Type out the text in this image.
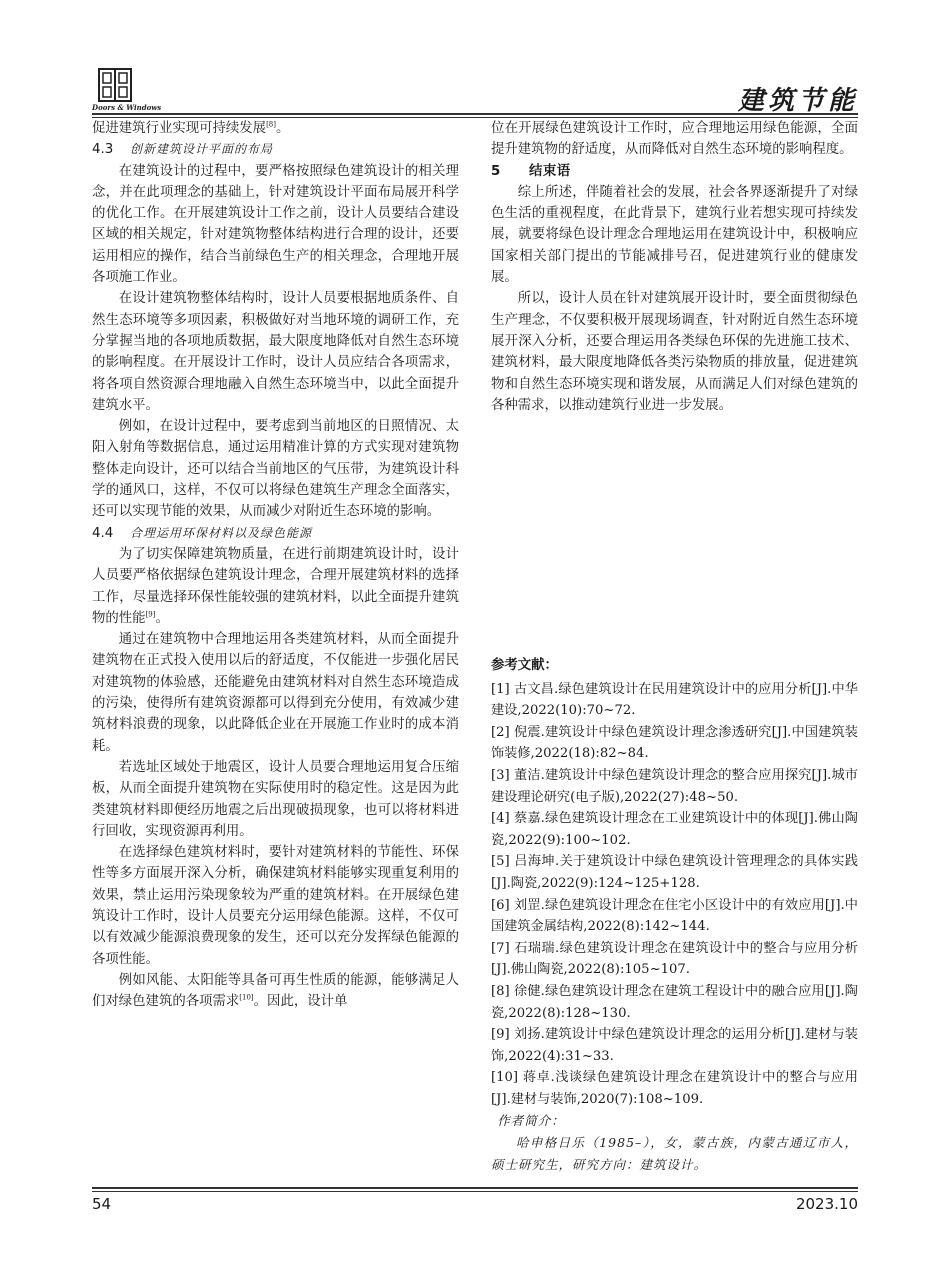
Doors & Windows	建筑节能

促进建筑行业实现可持续发展[8]。

4.3 创新建筑设计平面的布局

在建筑设计的过程中，要严格按照绿色建筑设计的相关理念，并在此项理念的基础上，针对建筑设计平面布局展开科学的优化工作。在开展建筑设计工作之前，设计人员要结合建设区域的相关规定，针对建筑物整体结构进行合理的设计，还要运用相应的操作，结合当前绿色生产的相关理念，合理地开展各项施工作业。

在设计建筑物整体结构时，设计人员要根据地质条件、自然生态环境等多项因素，积极做好对当地环境的调研工作，充分掌握当地的各项地质数据，最大限度地降低对自然生态环境的影响程度。在开展设计工作时，设计人员应结合各项需求，将各项自然资源合理地融入自然生态环境当中，以此全面提升建筑水平。

例如，在设计过程中，要考虑到当前地区的日照情况、太阳入射角等数据信息，通过运用精准计算的方式实现对建筑物整体走向设计，还可以结合当前地区的气压带，为建筑设计科学的通风口，这样，不仅可以将绿色建筑生产理念全面落实，还可以实现节能的效果，从而减少对附近生态环境的影响。

4.4 合理运用环保材料以及绿色能源

为了切实保障建筑物质量，在进行前期建筑设计时，设计人员要严格依据绿色建筑设计理念，合理开展建筑材料的选择工作，尽量选择环保性能较强的建筑材料，以此全面提升建筑物的性能[9]。

通过在建筑物中合理地运用各类建筑材料，从而全面提升建筑物在正式投入使用以后的舒适度，不仅能进一步强化居民对建筑物的体验感，还能避免由建筑材料对自然生态环境造成的污染，使得所有建筑资源都可以得到充分使用，有效减少建筑材料浪费的现象，以此降低企业在开展施工作业时的成本消耗。

若选址区域处于地震区，设计人员要合理地运用复合压缩板，从而全面提升建筑物在实际使用时的稳定性。这是因为此类建筑材料即便经历地震之后出现破损现象，也可以将材料进行回收，实现资源再利用。

在选择绿色建筑材料时，要针对建筑材料的节能性、环保性等多方面展开深入分析，确保建筑材料能够实现重复利用的效果，禁止运用污染现象较为严重的建筑材料。在开展绿色建筑设计工作时，设计人员要充分运用绿色能源。这样，不仅可以有效减少能源浪费现象的发生，还可以充分发挥绿色能源的各项性能。

例如风能、太阳能等具备可再生性质的能源，能够满足人们对绿色建筑的各项需求[10]。因此，设计单

位在开展绿色建筑设计工作时，应合理地运用绿色能源，全面提升建筑物的舒适度，从而降低对自然生态环境的影响程度。

5 结束语

综上所述，伴随着社会的发展，社会各界逐渐提升了对绿色生活的重视程度，在此背景下，建筑行业若想实现可持续发展，就要将绿色设计理念合理地运用在建筑设计中，积极响应国家相关部门提出的节能减排号召，促进建筑行业的健康发展。

所以，设计人员在针对建筑展开设计时，要全面贯彻绿色生产理念，不仅要积极开展现场调查，针对附近自然生态环境展开深入分析，还要合理运用各类绿色环保的先进施工技术、建筑材料，最大限度地降低各类污染物质的排放量，促进建筑物和自然生态环境实现和谐发展，从而满足人们对绿色建筑的各种需求，以推动建筑行业进一步发展。

参考文献：

[1] 古文昌.绿色建筑设计在民用建筑设计中的应用分析[J].中华建设,2022(10):70~72.

[2] 倪震.建筑设计中绿色建筑设计理念渗透研究[J].中国建筑装饰装修,2022(18):82~84.

[3] 董洁.建筑设计中绿色建筑设计理念的整合应用探究[J].城市建设理论研究(电子版),2022(27):48~50.

[4] 蔡嘉.绿色建筑设计理念在工业建筑设计中的体现[J].佛山陶瓷,2022(9):100~102.

[5] 吕海坤.关于建筑设计中绿色建筑设计管理理念的具体实践[J].陶瓷,2022(9):124~125+128.

[6] 刘罡.绿色建筑设计理念在住宅小区设计中的有效应用[J].中国建筑金属结构,2022(8):142~144.

[7] 石瑞瑞.绿色建筑设计理念在建筑设计中的整合与应用分析[J].佛山陶瓷,2022(8):105~107.

[8] 徐健.绿色建筑设计理念在建筑工程设计中的融合应用[J].陶瓷,2022(8):128~130.

[9] 刘扬.建筑设计中绿色建筑设计理念的运用分析[J].建材与装饰,2022(4):31~33.

[10] 蒋卓.浅谈绿色建筑设计理念在建筑设计中的整合与应用[J].建材与装饰,2020(7):108~109.

作者简介：

哈申格日乐（1985–），女，蒙古族，内蒙古通辽市人，硕士研究生，研究方向：建筑设计。

54	2023.10
